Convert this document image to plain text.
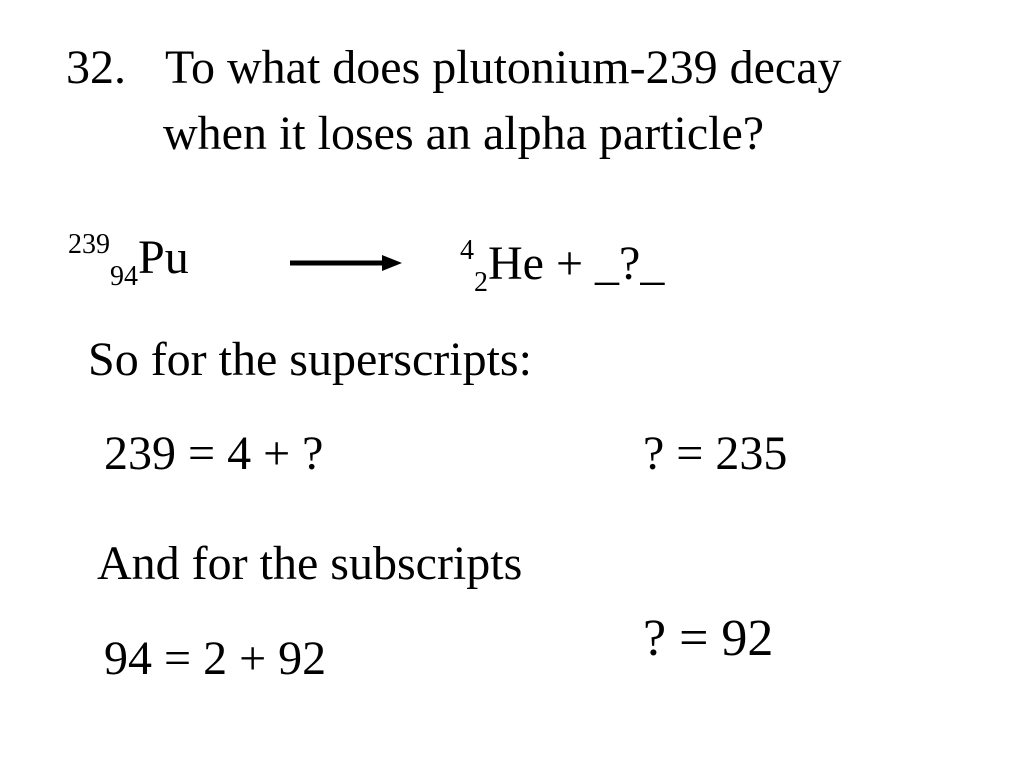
32. To what does plutonium-239 decay
when it loses an alpha particle?
$^{239}_{94}$Pu	$^4_2$He + _?_
So for the superscripts:
239 = 4 + ?	? = 235
And for the subscripts
94 = 2 + 92	? = 92
